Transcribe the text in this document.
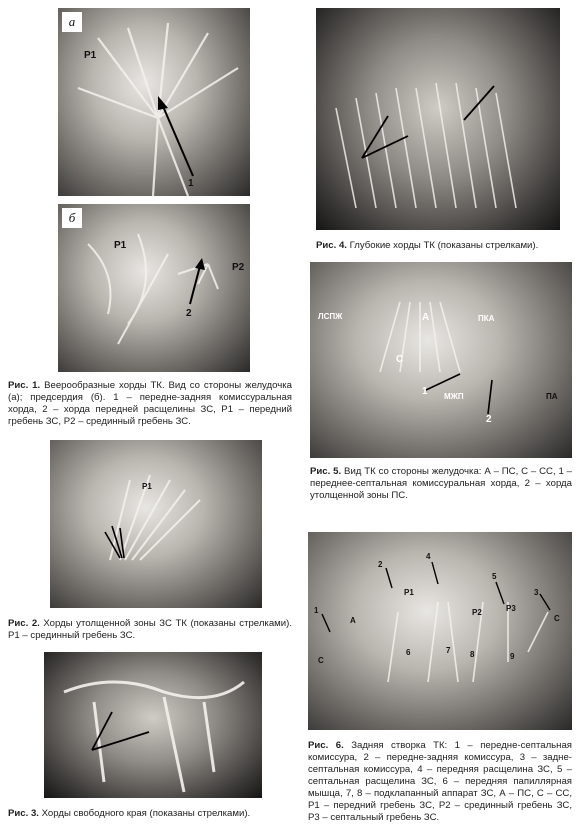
а
P1
1
б
P1
P2
2
Рис. 1. Веерообразные хорды ТК. Вид со стороны желудочка (а); предсердия (б). 1 – передне-задняя комиссуральная хорда, 2 – хорда передней расщелины ЗС, Р1 – передний гребень ЗС, Р2 – срединный гребень ЗС.
P1
Рис. 2. Хорды утолщенной зоны ЗС ТК (показаны стрелками). Р1 – срединный гребень ЗС.
Рис. 3. Хорды свободного края (показаны стрелками).
Рис. 4. Глубокие хорды ТК (показаны стрелками).
ЛСПЖ	А	ПКА
С
МЖП
1
2
ПА
Рис. 5. Вид ТК со стороны желудочка: А – ПС, С – СС, 1 – переднее-септальная комиссуральная хорда, 2 – хорда утолщенной зоны ПС.
1
2
3
4
5
6	7 8	9
P1
P2	P3
A	C
C
Рис. 6. Задняя створка ТК: 1 – передне-септальная комиссура, 2 – передне-задняя комиссура, 3 – задне-септальная комиссура, 4 – передняя расщелина ЗС, 5 – септальная расщелина ЗС, 6 – передняя папиллярная мышца, 7, 8 – подклапанный аппарат ЗС, А – ПС, С – СС, Р1 – передний гребень ЗС, Р2 – срединный гребень ЗС, Р3 – септальный гребень ЗС.
